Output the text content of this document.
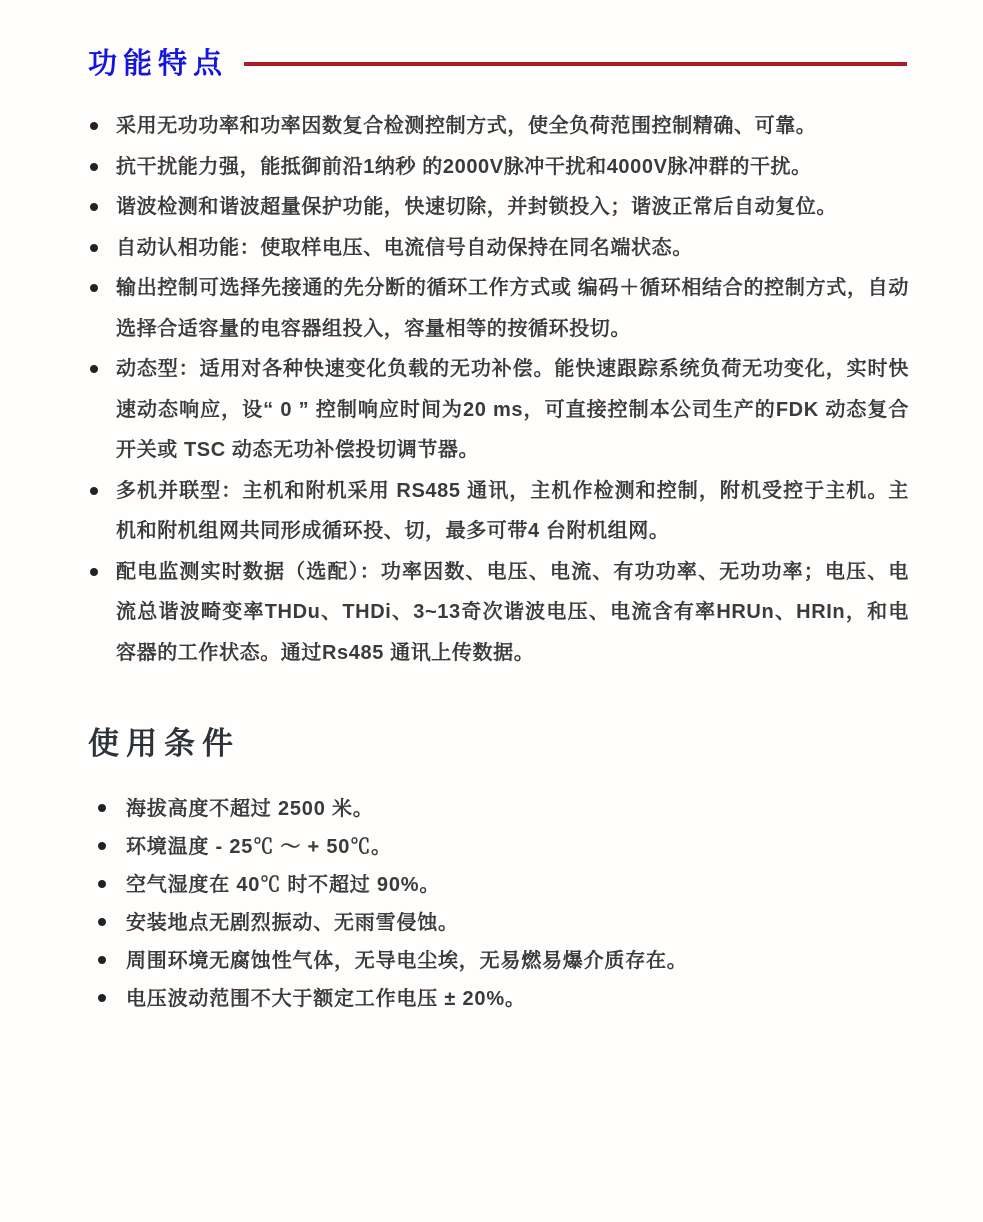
功能特点
采用无功功率和功率因数复合检测控制方式，使全负荷范围控制精确、可靠。
抗干扰能力强，能抵御前沿1纳秒 的2000V脉冲干扰和4000V脉冲群的干扰。
谐波检测和谐波超量保护功能，快速切除，并封锁投入；谐波正常后自动复位。
自动认相功能：使取样电压、电流信号自动保持在同名端状态。
输出控制可选择先接通的先分断的循环工作方式或 编码＋循环相结合的控制方式，自动选择合适容量的电容器组投入，容量相等的按循环投切。
动态型：适用对各种快速变化负载的无功补偿。能快速跟踪系统负荷无功变化，实时快速动态响应，设“ 0 ” 控制响应时间为20 ms，可直接控制本公司生产的FDK 动态复合开关或 TSC 动态无功补偿投切调节器。
多机并联型：主机和附机采用 RS485 通讯，主机作检测和控制，附机受控于主机。主机和附机组网共同形成循环投、切，最多可带4 台附机组网。
配电监测实时数据（选配）：功率因数、电压、电流、有功功率、无功功率；电压、电流总谐波畸变率THDu、THDi、3~13奇次谐波电压、电流含有率HRUn、HRIn，和电容器的工作状态。通过Rs485 通讯上传数据。
使用条件
海拔高度不超过 2500 米。
环境温度 - 25℃ ～ + 50℃。
空气湿度在 40℃ 时不超过 90%。
安装地点无剧烈振动、无雨雪侵蚀。
周围环境无腐蚀性气体，无导电尘埃，无易燃易爆介质存在。
电压波动范围不大于额定工作电压 ± 20%。
